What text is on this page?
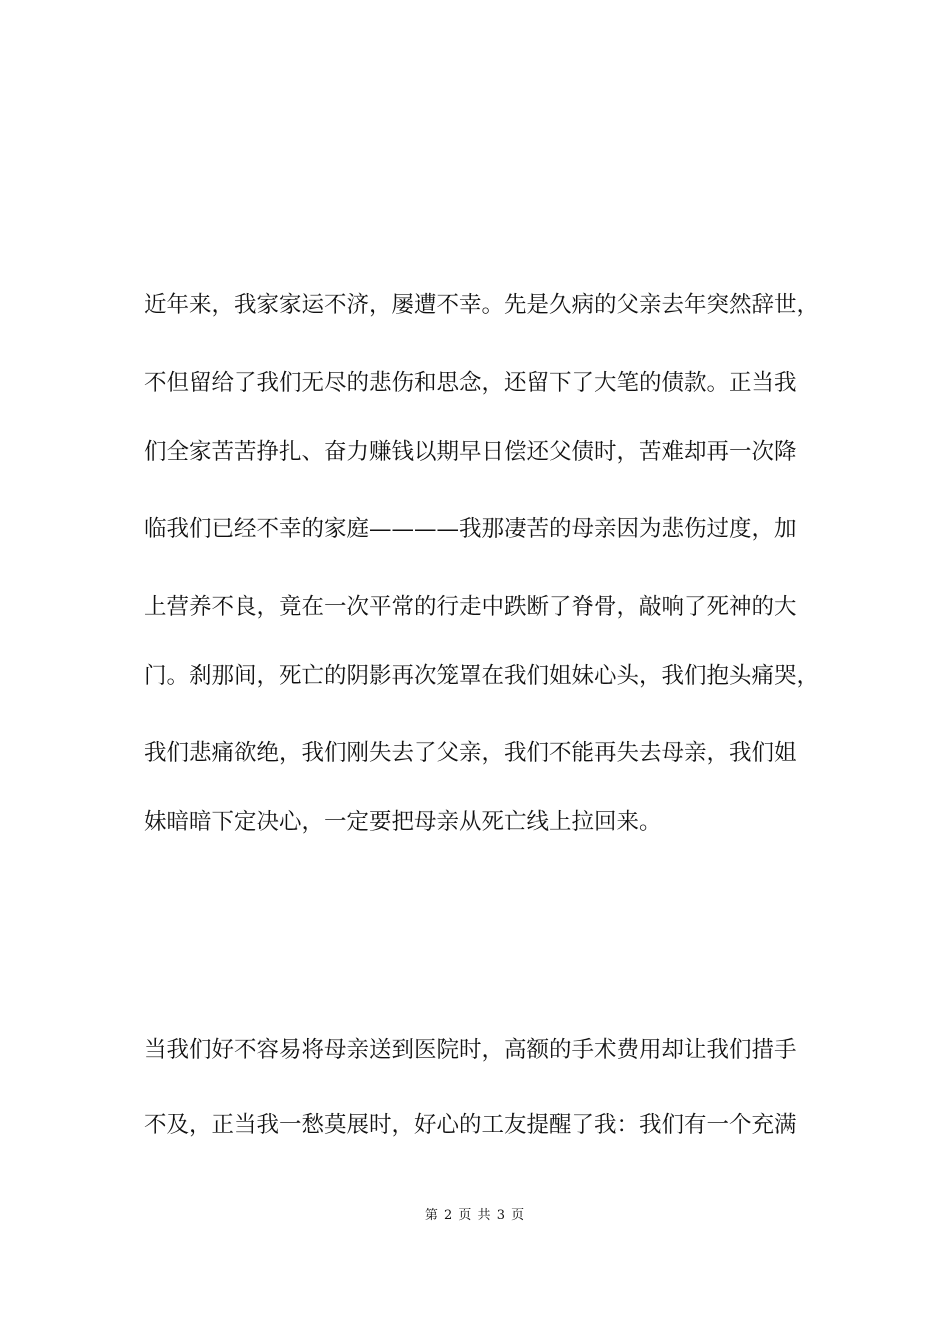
近年来，我家家运不济，屡遭不幸。先是久病的父亲去年突然辞世，
不但留给了我们无尽的悲伤和思念，还留下了大笔的债款。正当我
们全家苦苦挣扎、奋力赚钱以期早日偿还父债时，苦难却再一次降
临我们已经不幸的家庭————我那凄苦的母亲因为悲伤过度，加
上营养不良，竟在一次平常的行走中跌断了脊骨，敲响了死神的大
门。刹那间，死亡的阴影再次笼罩在我们姐妹心头，我们抱头痛哭，
我们悲痛欲绝，我们刚失去了父亲，我们不能再失去母亲，我们姐
妹暗暗下定决心，一定要把母亲从死亡线上拉回来。
当我们好不容易将母亲送到医院时，高额的手术费用却让我们措手
不及，正当我一愁莫展时，好心的工友提醒了我：我们有一个充满
第 2 页 共 3 页
